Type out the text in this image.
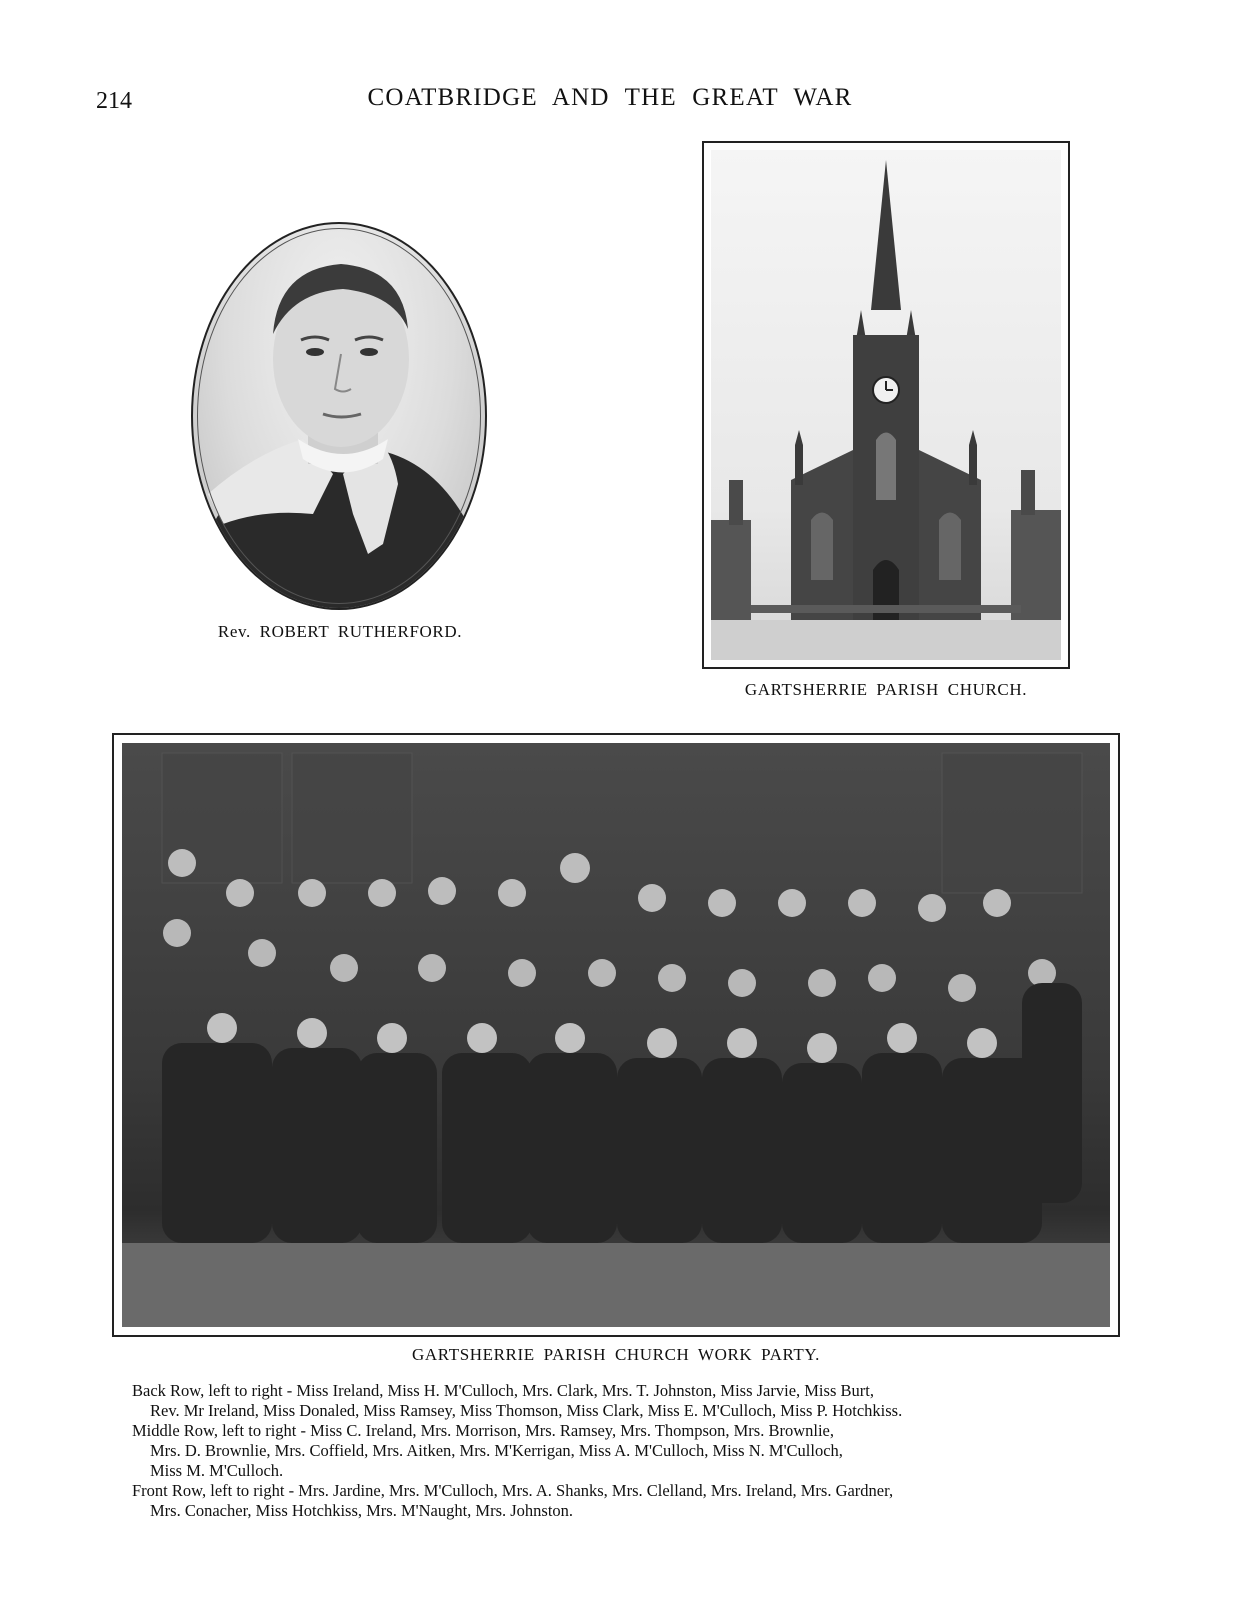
214	COATBRIDGE AND THE GREAT WAR
Rev. ROBERT RUTHERFORD.
GARTSHERRIE PARISH CHURCH.
GARTSHERRIE PARISH CHURCH WORK PARTY.

Back Row, left to right - Miss Ireland, Miss H. M'Culloch, Mrs. Clark, Mrs. T. Johnston, Miss Jarvie, Miss Burt,

Rev. Mr Ireland, Miss Donaled, Miss Ramsey, Miss Thomson, Miss Clark, Miss E. M'Culloch, Miss P. Hotchkiss.

Middle Row, left to right - Miss C. Ireland, Mrs. Morrison, Mrs. Ramsey, Mrs. Thompson, Mrs. Brownlie,

Mrs. D. Brownlie, Mrs. Coffield, Mrs. Aitken, Mrs. M'Kerrigan, Miss A. M'Culloch, Miss N. M'Culloch,

Miss M. M'Culloch.

Front Row, left to right - Mrs. Jardine, Mrs. M'Culloch, Mrs. A. Shanks, Mrs. Clelland, Mrs. Ireland, Mrs. Gardner,

Mrs. Conacher, Miss Hotchkiss, Mrs. M'Naught, Mrs. Johnston.
